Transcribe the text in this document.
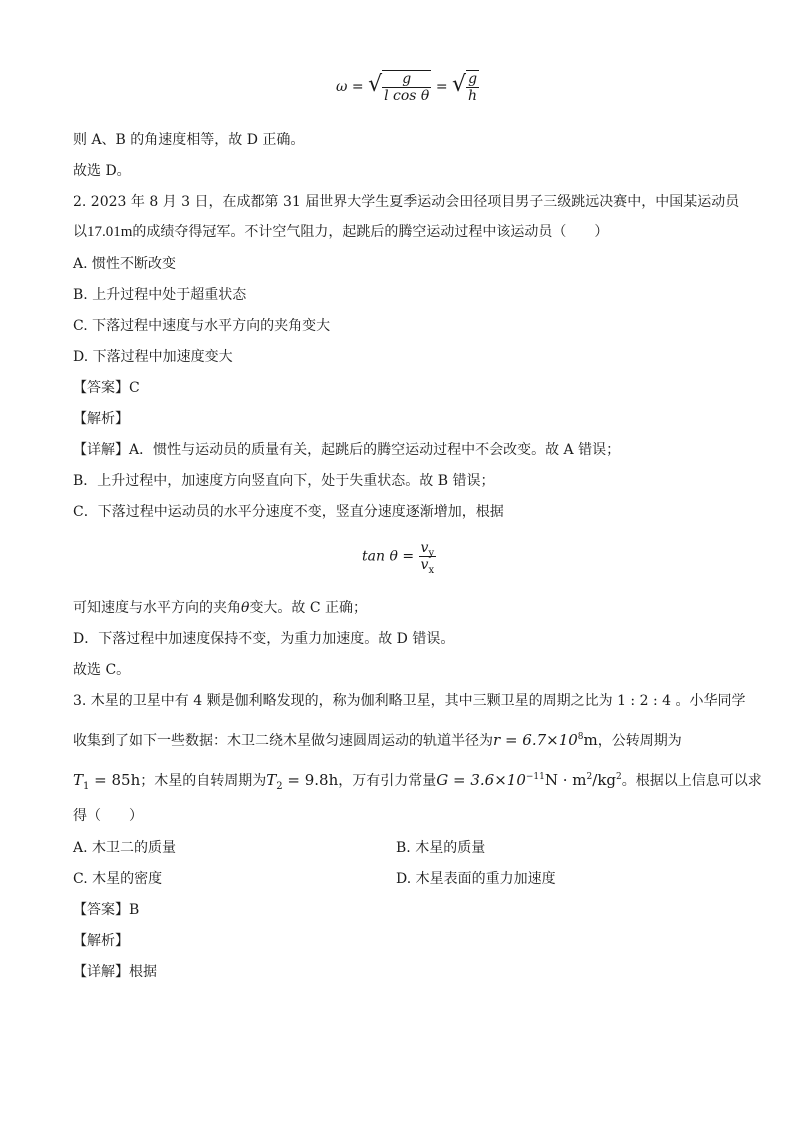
ω = √ $\frac{g}{\text{l cos θ}}$ = √ $\frac{g}{h}$
则 A、B 的角速度相等，故 D 正确。
故选 D。
2. 2023 年 8 月 3 日，在成都第 31 届世界大学生夏季运动会田径项目男子三级跳远决赛中，中国某运动员
以17.01m的成绩夺得冠军。不计空气阻力，起跳后的腾空运动过程中该运动员（　　）
A. 惯性不断改变
B. 上升过程中处于超重状态
C. 下落过程中速度与水平方向的夹角变大
D. 下落过程中加速度变大
【答案】C
【解析】
【详解】A．惯性与运动员的质量有关，起跳后的腾空运动过程中不会改变。故 A 错误；
B．上升过程中，加速度方向竖直向下，处于失重状态。故 B 错误；
C．下落过程中运动员的水平分速度不变，竖直分速度逐渐增加，根据
$\tan \theta = \frac{v_y}{v_x}$
可知速度与水平方向的夹角θ变大。故 C 正确；
D．下落过程中加速度保持不变，为重力加速度。故 D 错误。
故选 C。
3. 木星的卫星中有 4 颗是伽利略发现的，称为伽利略卫星，其中三颗卫星的周期之比为 1 : 2 : 4 。小华同学
收集到了如下一些数据：木卫二绕木星做匀速圆周运动的轨道半径为$r = 6.7\times 10^8m$，公转周期为
$T_1 = 85h$；木星的自转周期为$T_2 = 9.8h$，万有引力常量$G = 3.6\times 10^{-11}N \cdot m^2/kg^2$。根据以上信息可以求
得（　　）
A. 木卫二的质量	B. 木星的质量
C. 木星的密度	D. 木星表面的重力加速度
【答案】B
【解析】
【详解】根据
